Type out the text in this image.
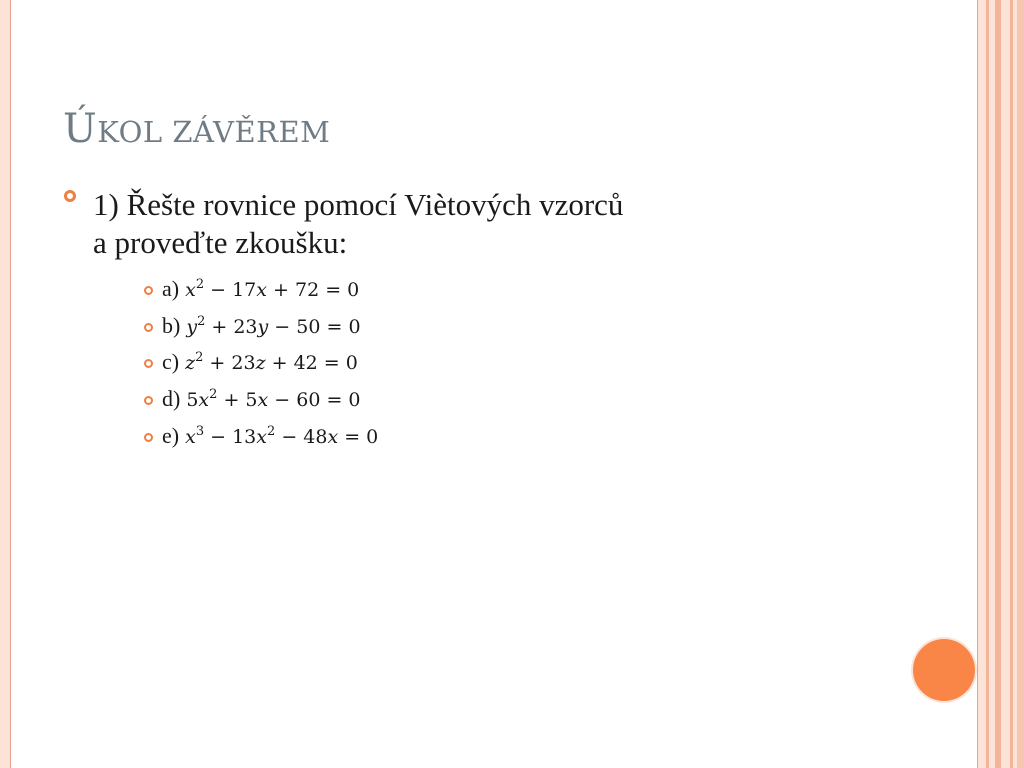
ÚKOL ZÁVĚREM
1) Řešte rovnice pomocí Viètových vzorců
a proveďte zkoušku:
a) $x^2 - 17x + 72 = 0$
b) $y^2 + 23y - 50 = 0$
c) $z^2 + 23z + 42 = 0$
d) $5x^2 + 5x - 60 = 0$
e) $x^3 - 13x^2 - 48x = 0$
